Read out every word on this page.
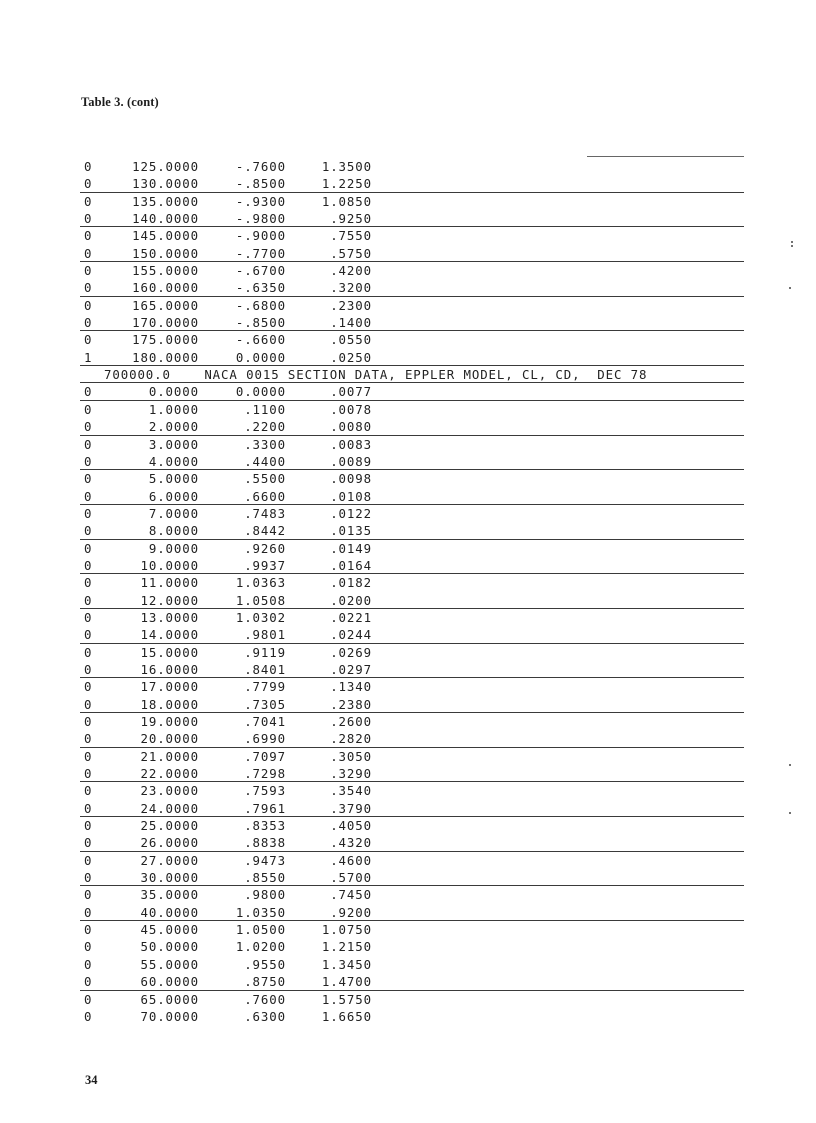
Table 3. (cont)
0	125.0000	-.7600	1.3500
0	130.0000	-.8500	1.2250
0	135.0000	-.9300	1.0850
0	140.0000	-.9800	.9250
0	145.0000	-.9000	.7550
0	150.0000	-.7700	.5750
0	155.0000	-.6700	.4200
0	160.0000	-.6350	.3200
0	165.0000	-.6800	.2300
0	170.0000	-.8500	.1400
0	175.0000	-.6600	.0550
1	180.0000	0.0000	.0250
700000.0    NACA 0015 SECTION DATA, EPPLER MODEL, CL, CD,  DEC 78
0	0.0000	0.0000	.0077
0	1.0000	.1100	.0078
0	2.0000	.2200	.0080
0	3.0000	.3300	.0083
0	4.0000	.4400	.0089
0	5.0000	.5500	.0098
0	6.0000	.6600	.0108
0	7.0000	.7483	.0122
0	8.0000	.8442	.0135
0	9.0000	.9260	.0149
0	10.0000	.9937	.0164
0	11.0000	1.0363	.0182
0	12.0000	1.0508	.0200
0	13.0000	1.0302	.0221
0	14.0000	.9801	.0244
0	15.0000	.9119	.0269
0	16.0000	.8401	.0297
0	17.0000	.7799	.1340
0	18.0000	.7305	.2380
0	19.0000	.7041	.2600
0	20.0000	.6990	.2820
0	21.0000	.7097	.3050
0	22.0000	.7298	.3290
0	23.0000	.7593	.3540
0	24.0000	.7961	.3790
0	25.0000	.8353	.4050
0	26.0000	.8838	.4320
0	27.0000	.9473	.4600
0	30.0000	.8550	.5700
0	35.0000	.9800	.7450
0	40.0000	1.0350	.9200
0	45.0000	1.0500	1.0750
0	50.0000	1.0200	1.2150
0	55.0000	.9550	1.3450
0	60.0000	.8750	1.4700
0	65.0000	.7600	1.5750
0	70.0000	.6300	1.6650
34
